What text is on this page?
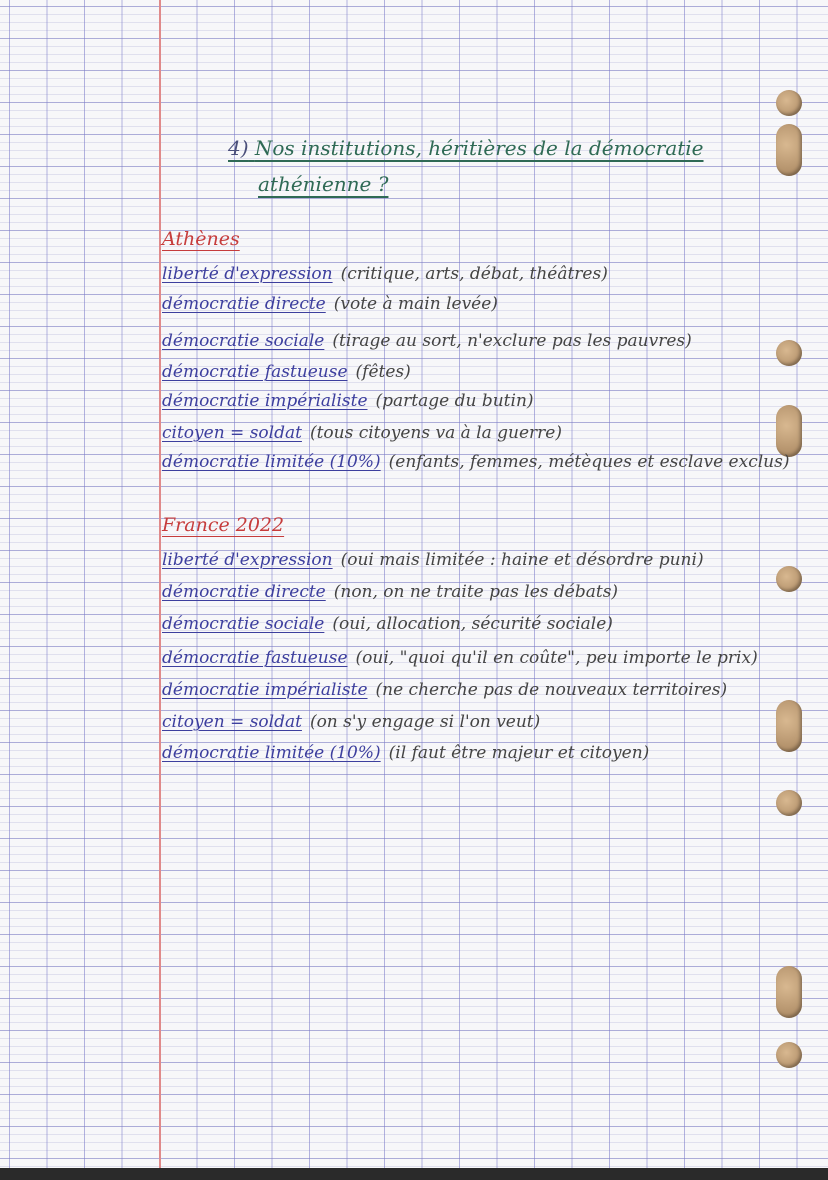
4) Nos institutions, héritières de la démocratie
athénienne ?
Athènes
liberté d'expression (critique, arts, débat, théâtres)
démocratie directe (vote à main levée)
démocratie sociale (tirage au sort, n'exclure pas les pauvres)
démocratie fastueuse (fêtes)
démocratie impérialiste (partage du butin)
citoyen = soldat (tous citoyens va à la guerre)
démocratie limitée (10%) (enfants, femmes, métèques et esclave exclus)
France 2022
liberté d'expression (oui mais limitée : haine et désordre puni)
démocratie directe (non, on ne traite pas les débats)
démocratie sociale (oui, allocation, sécurité sociale)
démocratie fastueuse (oui, "quoi qu'il en coûte", peu importe le prix)
démocratie impérialiste (ne cherche pas de nouveaux territoires)
citoyen = soldat (on s'y engage si l'on veut)
démocratie limitée (10%) (il faut être majeur et citoyen)
